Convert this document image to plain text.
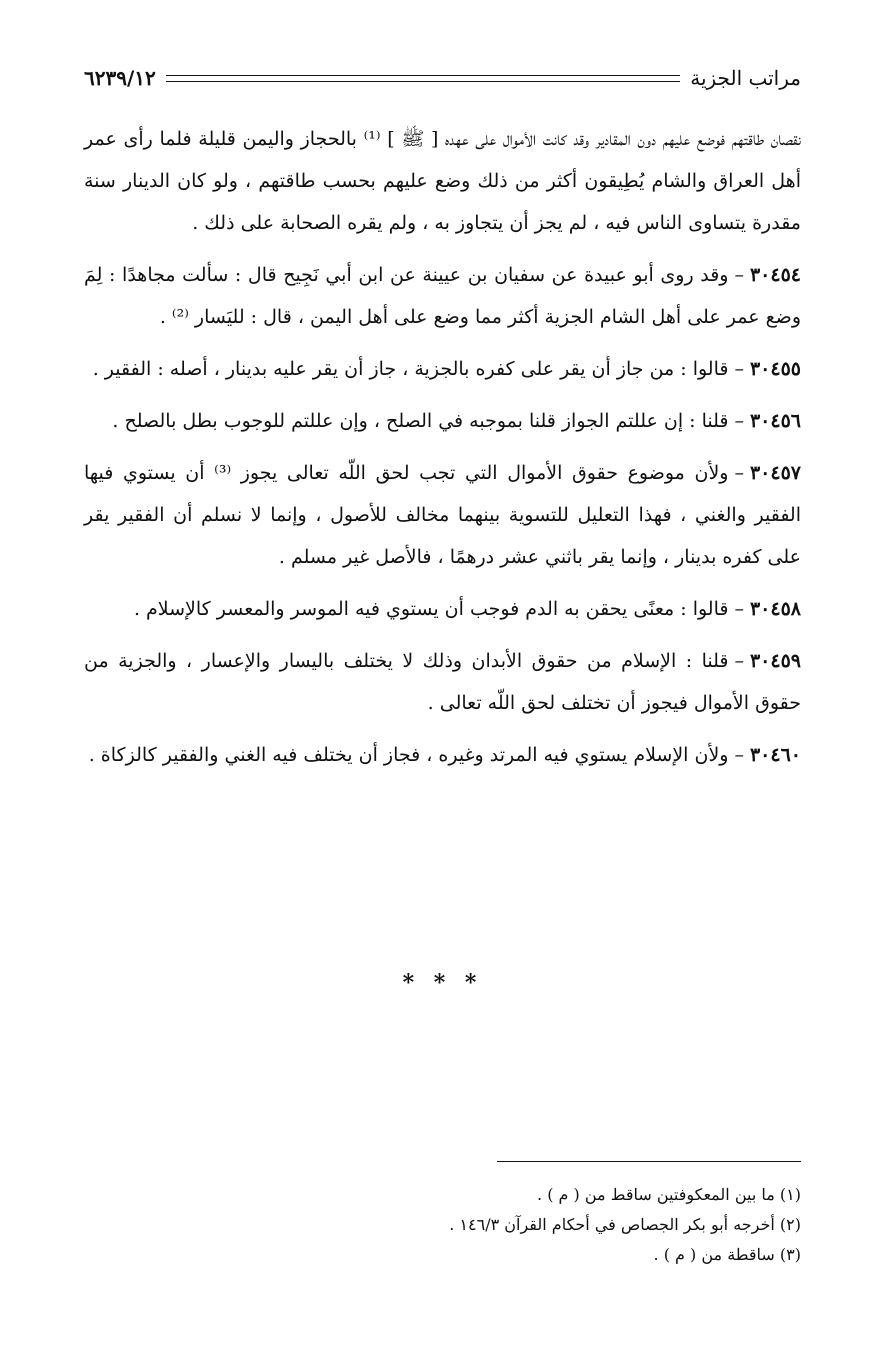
مراتب الجزية
٦٢٣٩/١٢

نقصان طاقتهم فوضع عليهم دون المقادير وقد كانت الأموال على عهده [ ﷺ ] ⁽¹⁾ بالحجاز واليمن قليلة فلما رأى عمر أهل العراق والشام يُطِيقون أكثر من ذلك وضع عليهم بحسب طاقتهم ، ولو كان الدينار سنة مقدرة يتساوى الناس فيه ، لم يجز أن يتجاوز به ، ولم يقره الصحابة على ذلك .

٣٠٤٥٤–وقد روى أبو عبيدة عن سفيان بن عيينة عن ابن أبي نَجِيح قال : سألت مجاهدًا : لِمَ وضع عمر على أهل الشام الجزية أكثر مما وضع على أهل اليمن ، قال : لليَسار ⁽²⁾ .

٣٠٤٥٥–قالوا : من جاز أن يقر على كفره بالجزية ، جاز أن يقر عليه بدينار ، أصله : الفقير .

٣٠٤٥٦–قلنا : إن عللتم الجواز قلنا بموجبه في الصلح ، وإن عللتم للوجوب بطل بالصلح .

٣٠٤٥٧–ولأن موضوع حقوق الأموال التي تجب لحق اللّه تعالى يجوز ⁽³⁾ أن يستوي فيها الفقير والغني ، فهذا التعليل للتسوية بينهما مخالف للأصول ، وإنما لا نسلم أن الفقير يقر على كفره بدينار ، وإنما يقر باثني عشر درهمًا ، فالأصل غير مسلم .

٣٠٤٥٨–قالوا : معنًى يحقن به الدم فوجب أن يستوي فيه الموسر والمعسر كالإسلام .

٣٠٤٥٩–قلنا : الإسلام من حقوق الأبدان وذلك لا يختلف باليسار والإعسار ، والجزية من حقوق الأموال فيجوز أن تختلف لحق اللّه تعالى .

٣٠٤٦٠–ولأن الإسلام يستوي فيه المرتد وغيره ، فجاز أن يختلف فيه الغني والفقير كالزكاة .

* * *

(١) ما بين المعكوفتين ساقط من ( م ) .

(٢) أخرجه أبو بكر الجصاص في أحكام القرآن ١٤٦/٣ .

(٣) ساقطة من ( م ) .
